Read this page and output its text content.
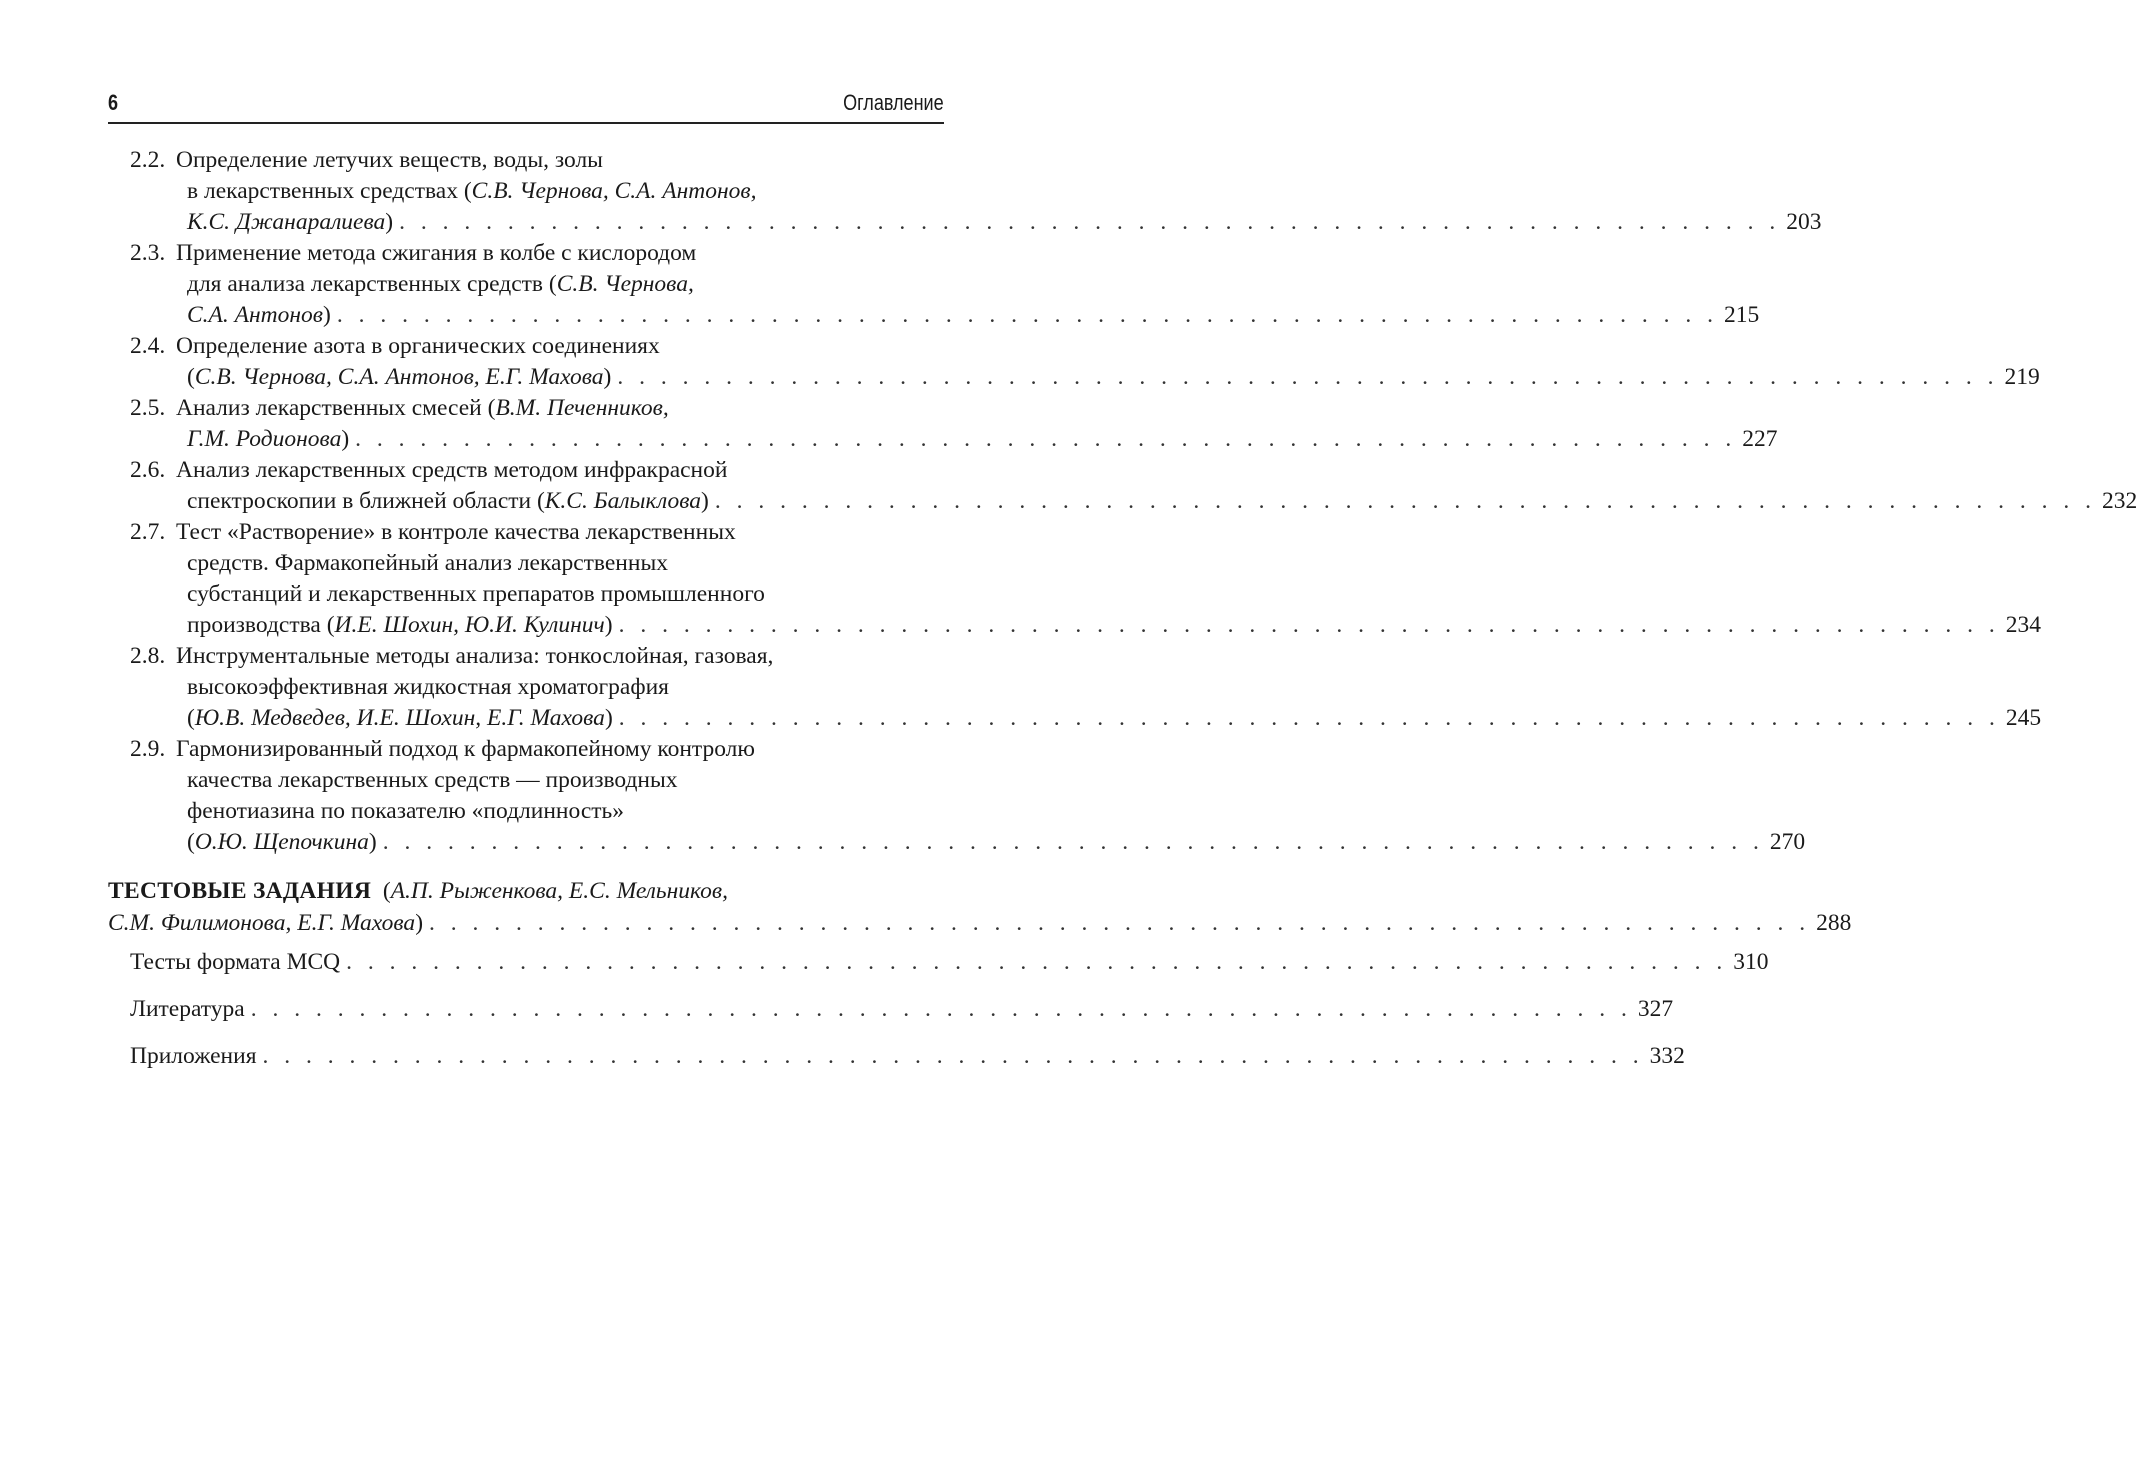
6	Оглавление
2.2. Определение летучих веществ, воды, золы
в лекарственных средствах (С.В. Чернова, С.А. Антонов,
К.С. Джанаралиева) . . . . . . . . . . . . . . . . . . . . . . . . . . . . . . . . . . . . . . . . . . . . . . . . . . . . . . . . . . . . . . . . 203
2.3. Применение метода сжигания в колбе с кислородом
для анализа лекарственных средств (С.В. Чернова,
С.А. Антонов) . . . . . . . . . . . . . . . . . . . . . . . . . . . . . . . . . . . . . . . . . . . . . . . . . . . . . . . . . . . . . . . . 215
2.4. Определение азота в органических соединениях
(С.В. Чернова, С.А. Антонов, Е.Г. Махова) . . . . . . . . . . . . . . . . . . . . . . . . . . . . . . . . . . . . . . . . . . . . . . . . . . . . . . . . . . . . . . . . 219
2.5. Анализ лекарственных смесей (В.М. Печенников,
Г.М. Родионова) . . . . . . . . . . . . . . . . . . . . . . . . . . . . . . . . . . . . . . . . . . . . . . . . . . . . . . . . . . . . . . . . 227
2.6. Анализ лекарственных средств методом инфракрасной
спектроскопии в ближней области (К.С. Балыклова) . . . . . . . . . . . . . . . . . . . . . . . . . . . . . . . . . . . . . . . . . . . . . . . . . . . . . . . . . . . . . . . . 232
2.7. Тест «Растворение» в контроле качества лекарственных
средств. Фармакопейный анализ лекарственных
субстанций и лекарственных препаратов промышленного
производства (И.Е. Шохин, Ю.И. Кулинич) . . . . . . . . . . . . . . . . . . . . . . . . . . . . . . . . . . . . . . . . . . . . . . . . . . . . . . . . . . . . . . . . 234
2.8. Инструментальные методы анализа: тонкослойная, газовая,
высокоэффективная жидкостная хроматография
(Ю.В. Медведев, И.Е. Шохин, Е.Г. Махова) . . . . . . . . . . . . . . . . . . . . . . . . . . . . . . . . . . . . . . . . . . . . . . . . . . . . . . . . . . . . . . . . 245
2.9. Гармонизированный подход к фармакопейному контролю
качества лекарственных средств — производных
фенотиазина по показателю «подлинность»
(О.Ю. Щепочкина) . . . . . . . . . . . . . . . . . . . . . . . . . . . . . . . . . . . . . . . . . . . . . . . . . . . . . . . . . . . . . . . . 270
ТЕСТОВЫЕ ЗАДАНИЯ (А.П. Рыженкова, Е.С. Мельников,
С.М. Филимонова, Е.Г. Махова) . . . . . . . . . . . . . . . . . . . . . . . . . . . . . . . . . . . . . . . . . . . . . . . . . . . . . . . . . . . . . . . . 288
Тесты формата MCQ . . . . . . . . . . . . . . . . . . . . . . . . . . . . . . . . . . . . . . . . . . . . . . . . . . . . . . . . . . . . . . . . 310
Литература . . . . . . . . . . . . . . . . . . . . . . . . . . . . . . . . . . . . . . . . . . . . . . . . . . . . . . . . . . . . . . . . 327
Приложения . . . . . . . . . . . . . . . . . . . . . . . . . . . . . . . . . . . . . . . . . . . . . . . . . . . . . . . . . . . . . . . . 332
